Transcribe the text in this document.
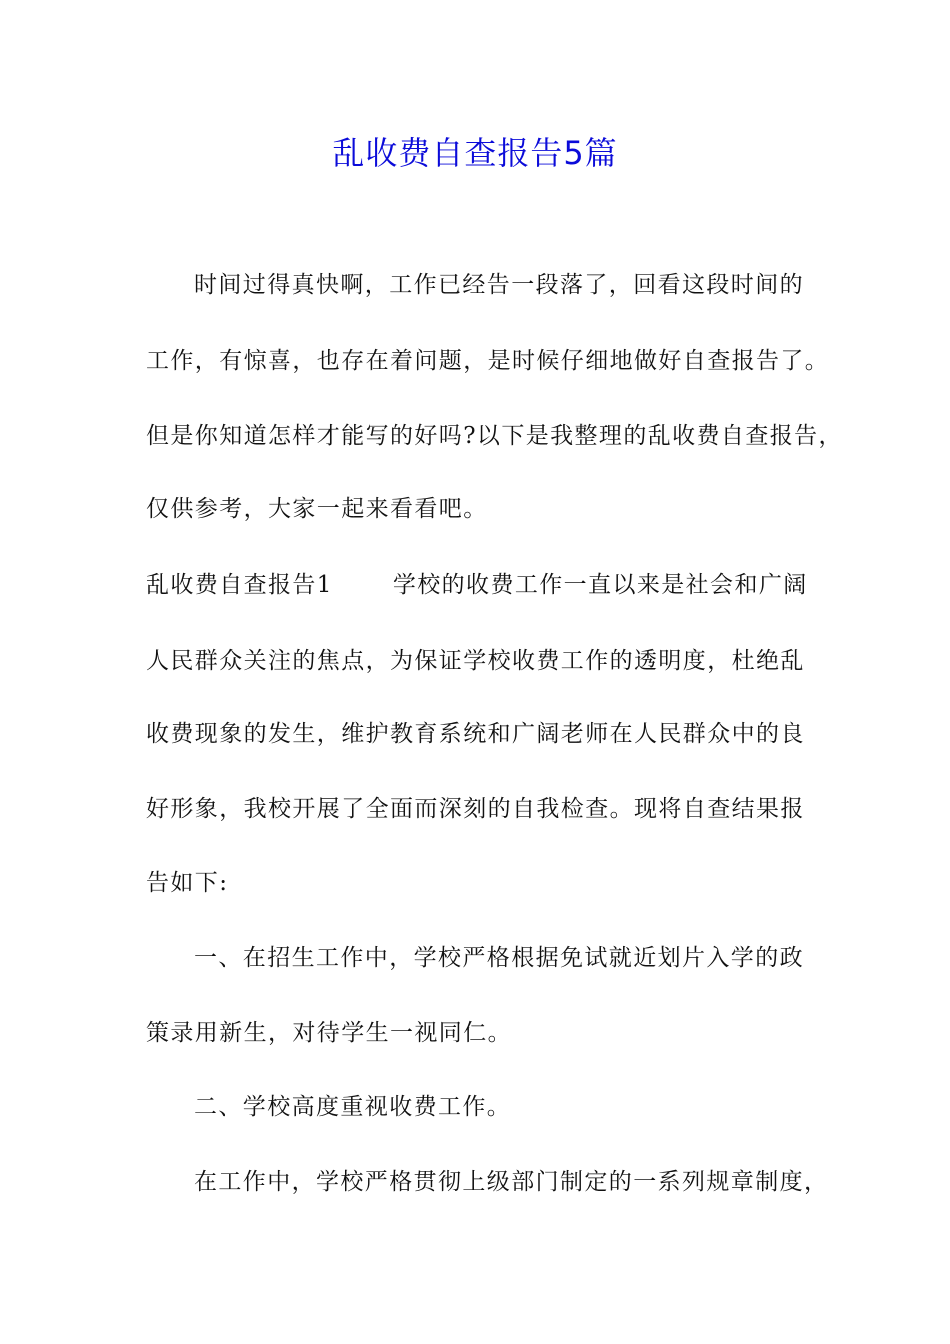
乱收费自查报告5篇

时间过得真快啊，工作已经告一段落了，回看这段时间的

工作，有惊喜，也存在着问题，是时候仔细地做好自查报告了。

但是你知道怎样才能写的好吗?以下是我整理的乱收费自查报告，

仅供参考，大家一起来看看吧。

乱收费自查报告1	学校的收费工作一直以来是社会和广阔

人民群众关注的焦点，为保证学校收费工作的透明度，杜绝乱

收费现象的发生，维护教育系统和广阔老师在人民群众中的良

好形象，我校开展了全面而深刻的自我检查。现将自查结果报

告如下:

一、在招生工作中，学校严格根据免试就近划片入学的政

策录用新生，对待学生一视同仁。

二、学校高度重视收费工作。

在工作中，学校严格贯彻上级部门制定的一系列规章制度，
